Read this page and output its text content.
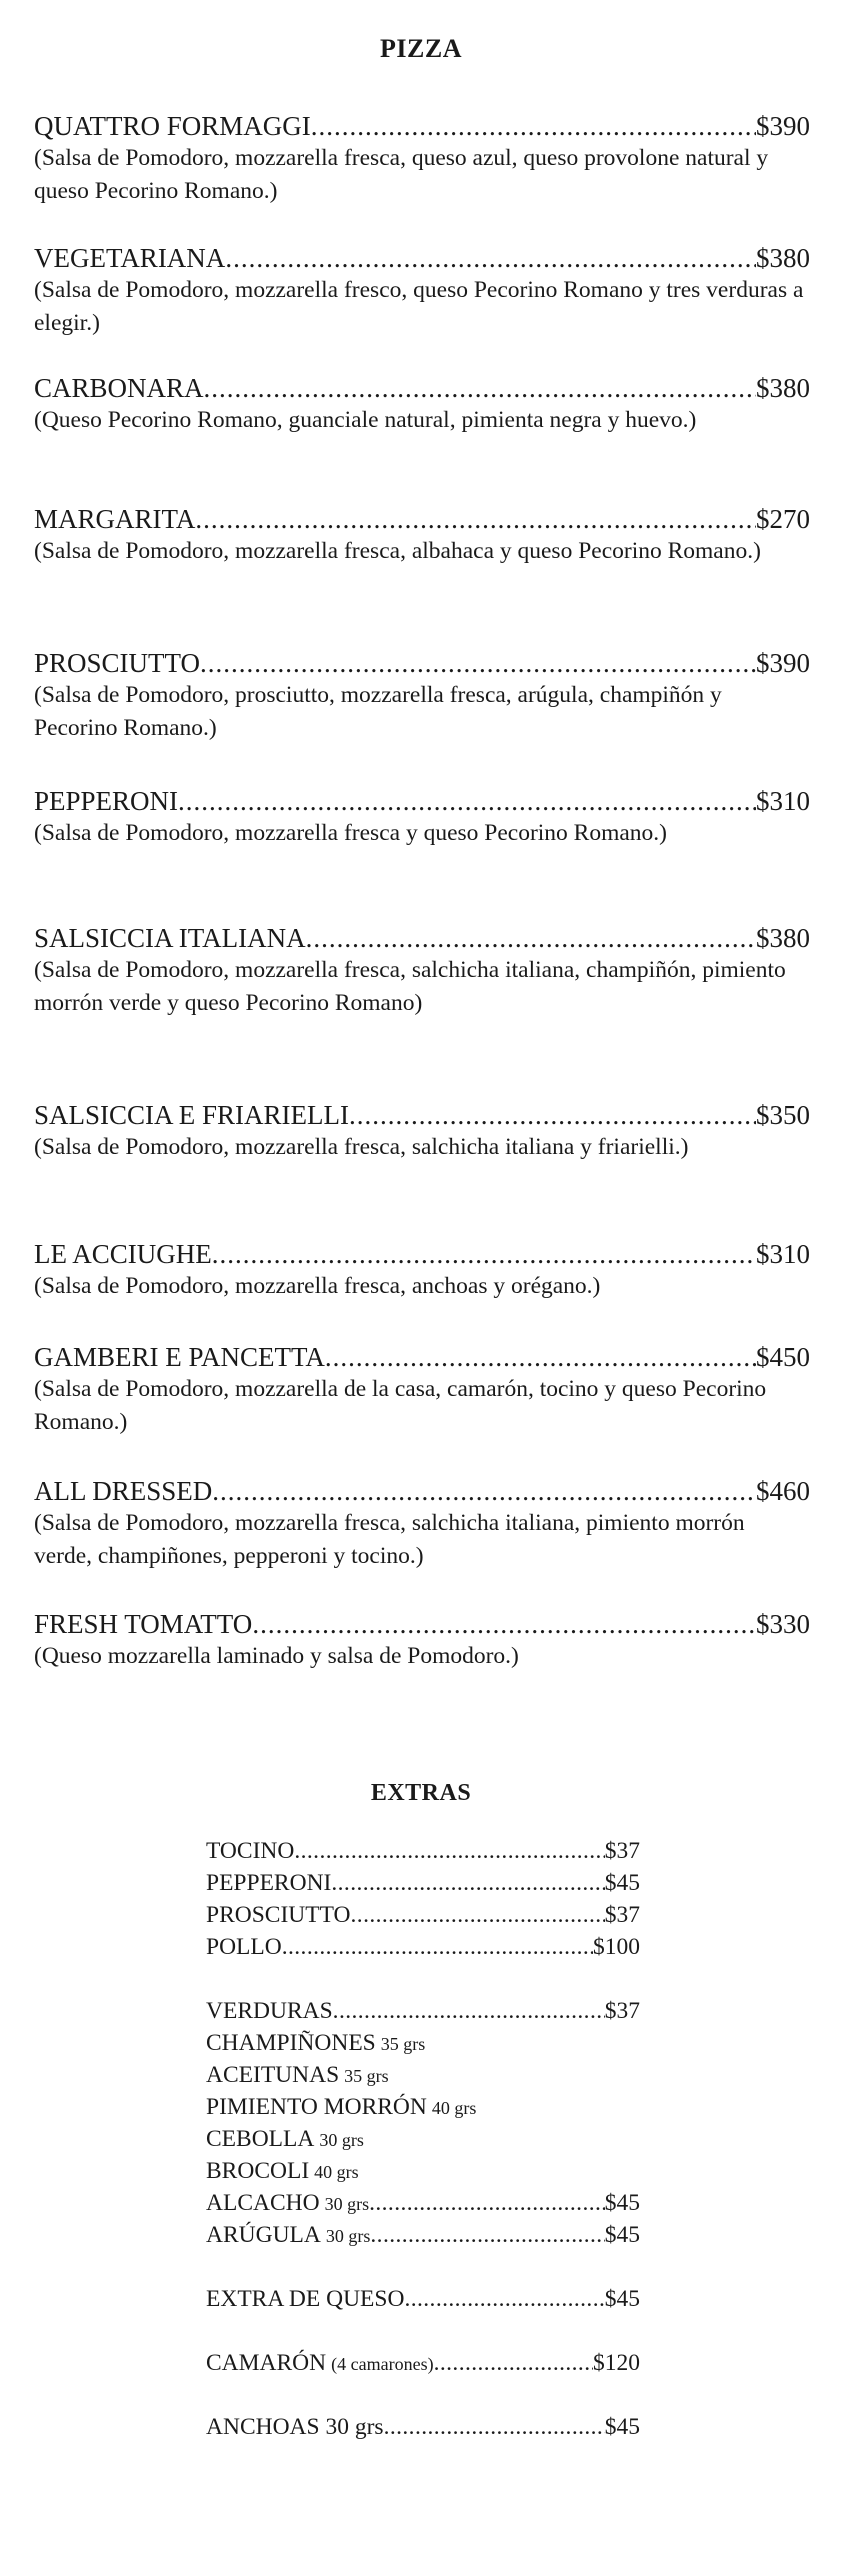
PIZZA
QUATTRO FORMAGGI .....	$390
(Salsa de Pomodoro, mozzarella fresca, queso azul, queso provolone natural y queso Pecorino Romano.)
VEGETARIANA .....	$380
(Salsa de Pomodoro, mozzarella fresco, queso Pecorino Romano y tres verduras a elegir.)
CARBONARA .....	$380
(Queso Pecorino Romano, guanciale natural, pimienta negra y huevo.)
MARGARITA .....	$270
(Salsa de Pomodoro, mozzarella fresca, albahaca y queso Pecorino Romano.)
PROSCIUTTO .....	$390
(Salsa de Pomodoro, prosciutto, mozzarella fresca, arúgula, champiñón y Pecorino Romano.)
PEPPERONI .....	$310
(Salsa de Pomodoro, mozzarella fresca y queso Pecorino Romano.)
SALSICCIA ITALIANA .....	$380
(Salsa de Pomodoro, mozzarella fresca, salchicha italiana, champiñón, pimiento morrón verde y queso Pecorino Romano)
SALSICCIA E FRIARIELLI .....	$350
(Salsa de Pomodoro, mozzarella fresca, salchicha italiana y friarielli.)
LE ACCIUGHE .....	$310
(Salsa de Pomodoro, mozzarella fresca, anchoas y orégano.)
GAMBERI E PANCETTA .....	$450
(Salsa de Pomodoro, mozzarella de la casa, camarón, tocino y queso Pecorino Romano.)
ALL DRESSED .....	$460
(Salsa de Pomodoro, mozzarella fresca, salchicha italiana, pimiento morrón verde, champiñones, pepperoni y tocino.)
FRESH TOMATTO .....	$330
(Queso mozzarella laminado y salsa de Pomodoro.)
EXTRAS
TOCINO .....	$37
PEPPERONI .....	$45
PROSCIUTTO .....	$37
POLLO .....	$100
VERDURAS .....	$37
CHAMPIÑONES 35 grs
ACEITUNAS 35 grs
PIMIENTO MORRÓN 40 grs
CEBOLLA 30 grs
BROCOLI 40 grs
ALCACHO 30 grs .....	$45
ARÚGULA 30 grs .....	$45
EXTRA DE QUESO .....	$45
CAMARÓN (4 camarones) .....	$120
ANCHOAS 30 grs .....	$45
